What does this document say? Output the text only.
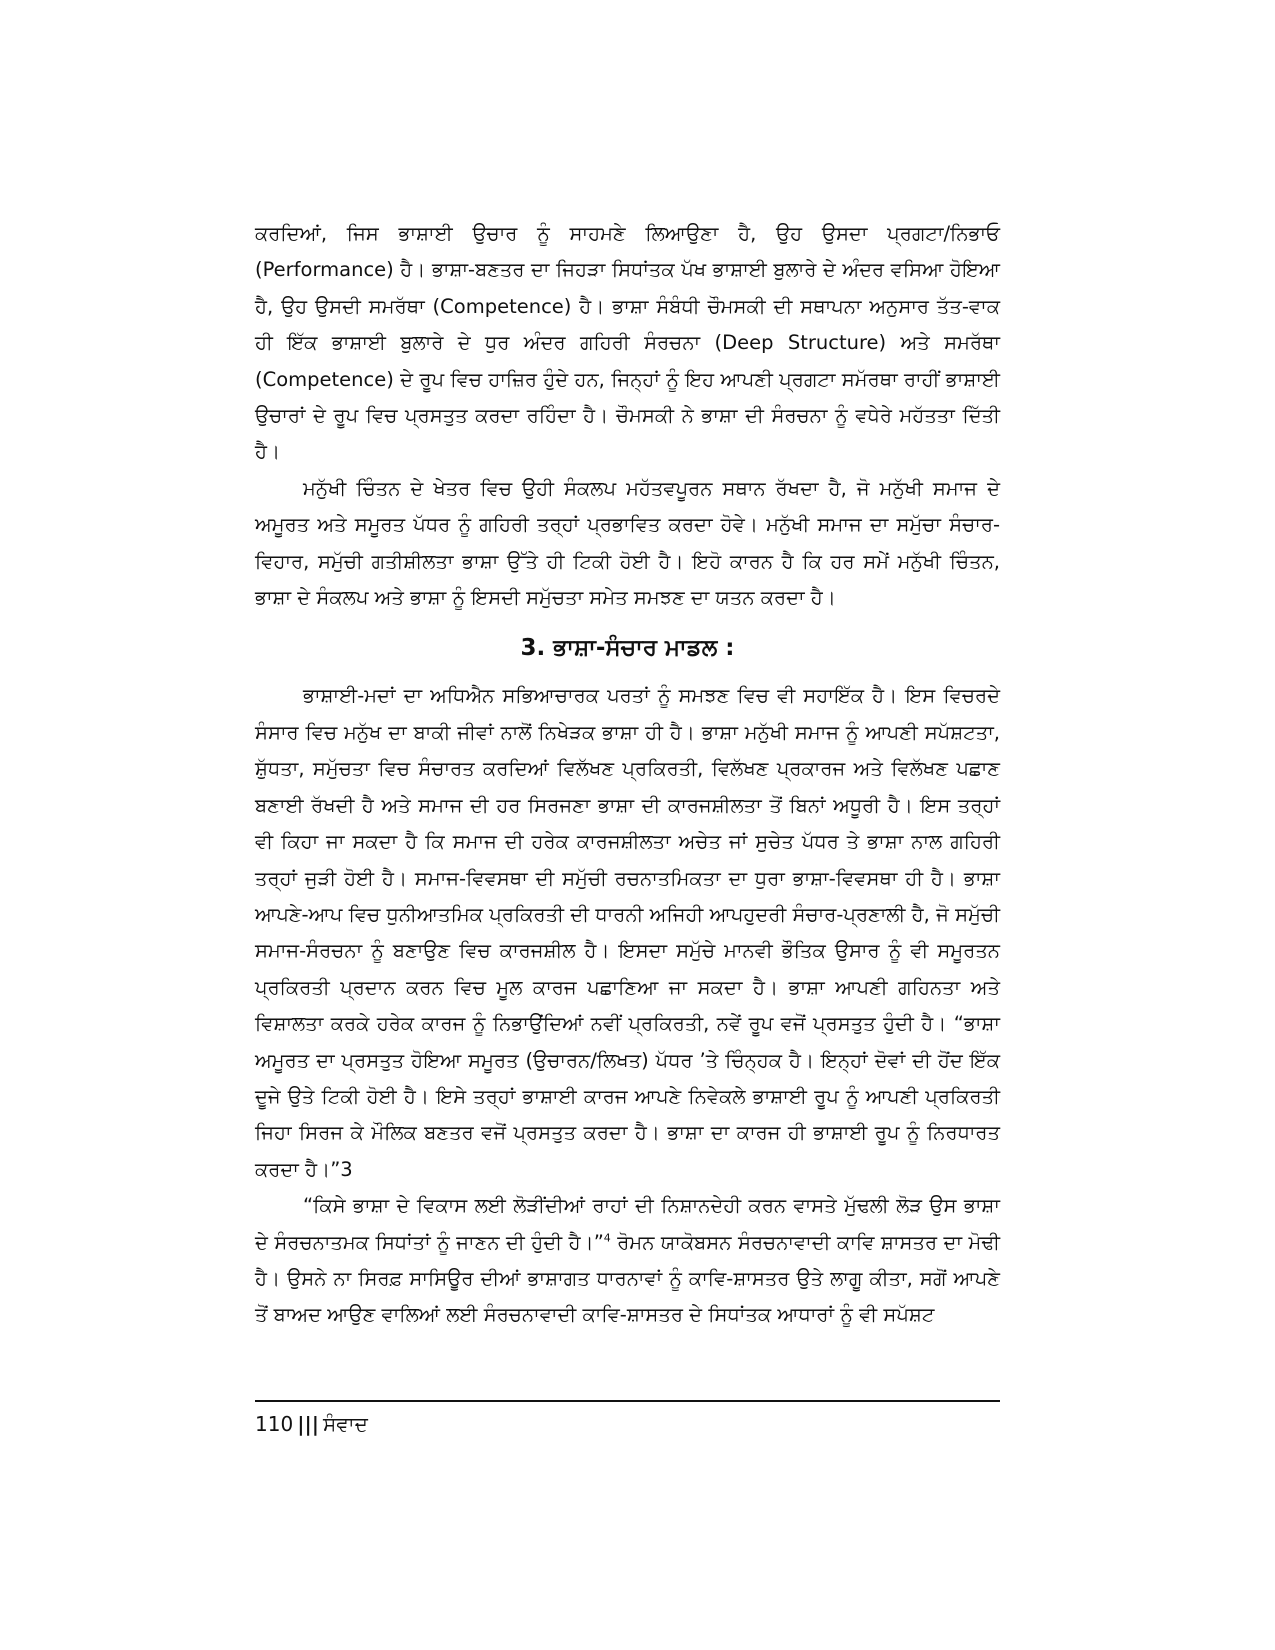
ਕਰਦਿਆਂ, ਜਿਸ ਭਾਸ਼ਾਈ ਉਚਾਰ ਨੂੰ ਸਾਹਮਣੇ ਲਿਆਉਣਾ ਹੈ, ਉਹ ਉਸਦਾ ਪ੍ਰਗਟਾ/ਨਿਭਾਓ (Performance) ਹੈ। ਭਾਸ਼ਾ-ਬਣਤਰ ਦਾ ਜਿਹੜਾ ਸਿਧਾਂਤਕ ਪੱਖ ਭਾਸ਼ਾਈ ਬੁਲਾਰੇ ਦੇ ਅੰਦਰ ਵਸਿਆ ਹੋਇਆ ਹੈ, ਉਹ ਉਸਦੀ ਸਮਰੱਥਾ (Competence) ਹੈ। ਭਾਸ਼ਾ ਸੰਬੰਧੀ ਚੌਮਸਕੀ ਦੀ ਸਥਾਪਨਾ ਅਨੁਸਾਰ ਤੱਤ-ਵਾਕ ਹੀ ਇੱਕ ਭਾਸ਼ਾਈ ਬੁਲਾਰੇ ਦੇ ਧੁਰ ਅੰਦਰ ਗਹਿਰੀ ਸੰਰਚਨਾ (Deep Structure) ਅਤੇ ਸਮਰੱਥਾ (Competence) ਦੇ ਰੂਪ ਵਿਚ ਹਾਜ਼ਿਰ ਹੁੰਦੇ ਹਨ, ਜਿਨ੍ਹਾਂ ਨੂੰ ਇਹ ਆਪਣੀ ਪ੍ਰਗਟਾ ਸਮੱਰਥਾ ਰਾਹੀਂ ਭਾਸ਼ਾਈ ਉਚਾਰਾਂ ਦੇ ਰੂਪ ਵਿਚ ਪ੍ਰਸਤੁਤ ਕਰਦਾ ਰਹਿੰਦਾ ਹੈ। ਚੌਮਸਕੀ ਨੇ ਭਾਸ਼ਾ ਦੀ ਸੰਰਚਨਾ ਨੂੰ ਵਧੇਰੇ ਮਹੱਤਤਾ ਦਿੱਤੀ ਹੈ।

ਮਨੁੱਖੀ ਚਿੰਤਨ ਦੇ ਖੇਤਰ ਵਿਚ ਉਹੀ ਸੰਕਲਪ ਮਹੱਤਵਪੂਰਨ ਸਥਾਨ ਰੱਖਦਾ ਹੈ, ਜੋ ਮਨੁੱਖੀ ਸਮਾਜ ਦੇ ਅਮੂਰਤ ਅਤੇ ਸਮੂਰਤ ਪੱਧਰ ਨੂੰ ਗਹਿਰੀ ਤਰ੍ਹਾਂ ਪ੍ਰਭਾਵਿਤ ਕਰਦਾ ਹੋਵੇ। ਮਨੁੱਖੀ ਸਮਾਜ ਦਾ ਸਮੁੱਚਾ ਸੰਚਾਰ-ਵਿਹਾਰ, ਸਮੁੱਚੀ ਗਤੀਸ਼ੀਲਤਾ ਭਾਸ਼ਾ ਉੱਤੇ ਹੀ ਟਿਕੀ ਹੋਈ ਹੈ। ਇਹੋ ਕਾਰਨ ਹੈ ਕਿ ਹਰ ਸਮੇਂ ਮਨੁੱਖੀ ਚਿੰਤਨ, ਭਾਸ਼ਾ ਦੇ ਸੰਕਲਪ ਅਤੇ ਭਾਸ਼ਾ ਨੂੰ ਇਸਦੀ ਸਮੁੱਚਤਾ ਸਮੇਤ ਸਮਝਣ ਦਾ ਯਤਨ ਕਰਦਾ ਹੈ।

3. ਭਾਸ਼ਾ-ਸੰਚਾਰ ਮਾਡਲ :

ਭਾਸ਼ਾਈ-ਮਦਾਂ ਦਾ ਅਧਿਐਨ ਸਭਿਆਚਾਰਕ ਪਰਤਾਂ ਨੂੰ ਸਮਝਣ ਵਿਚ ਵੀ ਸਹਾਇੱਕ ਹੈ। ਇਸ ਵਿਚਰਦੇ ਸੰਸਾਰ ਵਿਚ ਮਨੁੱਖ ਦਾ ਬਾਕੀ ਜੀਵਾਂ ਨਾਲੋਂ ਨਿਖੇੜਕ ਭਾਸ਼ਾ ਹੀ ਹੈ। ਭਾਸ਼ਾ ਮਨੁੱਖੀ ਸਮਾਜ ਨੂੰ ਆਪਣੀ ਸਪੱਸ਼ਟਤਾ, ਸ਼ੁੱਧਤਾ, ਸਮੁੱਚਤਾ ਵਿਚ ਸੰਚਾਰਤ ਕਰਦਿਆਂ ਵਿਲੱਖਣ ਪ੍ਰਕਿਰਤੀ, ਵਿਲੱਖਣ ਪ੍ਰਕਾਰਜ ਅਤੇ ਵਿਲੱਖਣ ਪਛਾਣ ਬਣਾਈ ਰੱਖਦੀ ਹੈ ਅਤੇ ਸਮਾਜ ਦੀ ਹਰ ਸਿਰਜਣਾ ਭਾਸ਼ਾ ਦੀ ਕਾਰਜਸ਼ੀਲਤਾ ਤੋਂ ਬਿਨਾਂ ਅਧੂਰੀ ਹੈ। ਇਸ ਤਰ੍ਹਾਂ ਵੀ ਕਿਹਾ ਜਾ ਸਕਦਾ ਹੈ ਕਿ ਸਮਾਜ ਦੀ ਹਰੇਕ ਕਾਰਜਸ਼ੀਲਤਾ ਅਚੇਤ ਜਾਂ ਸੁਚੇਤ ਪੱਧਰ ਤੇ ਭਾਸ਼ਾ ਨਾਲ ਗਹਿਰੀ ਤਰ੍ਹਾਂ ਜੁੜੀ ਹੋਈ ਹੈ। ਸਮਾਜ-ਵਿਵਸਥਾ ਦੀ ਸਮੁੱਚੀ ਰਚਨਾਤਮਿਕਤਾ ਦਾ ਧੁਰਾ ਭਾਸ਼ਾ-ਵਿਵਸਥਾ ਹੀ ਹੈ। ਭਾਸ਼ਾ ਆਪਣੇ-ਆਪ ਵਿਚ ਧੁਨੀਆਤਮਿਕ ਪ੍ਰਕਿਰਤੀ ਦੀ ਧਾਰਨੀ ਅਜਿਹੀ ਆਪਹੁਦਰੀ ਸੰਚਾਰ-ਪ੍ਰਣਾਲੀ ਹੈ, ਜੋ ਸਮੁੱਚੀ ਸਮਾਜ-ਸੰਰਚਨਾ ਨੂੰ ਬਣਾਉਣ ਵਿਚ ਕਾਰਜਸ਼ੀਲ ਹੈ। ਇਸਦਾ ਸਮੁੱਚੇ ਮਾਨਵੀ ਭੌਤਿਕ ਉਸਾਰ ਨੂੰ ਵੀ ਸਮੂਰਤਨ ਪ੍ਰਕਿਰਤੀ ਪ੍ਰਦਾਨ ਕਰਨ ਵਿਚ ਮੂਲ ਕਾਰਜ ਪਛਾਣਿਆ ਜਾ ਸਕਦਾ ਹੈ। ਭਾਸ਼ਾ ਆਪਣੀ ਗਹਿਨਤਾ ਅਤੇ ਵਿਸ਼ਾਲਤਾ ਕਰਕੇ ਹਰੇਕ ਕਾਰਜ ਨੂੰ ਨਿਭਾਉਂਦਿਆਂ ਨਵੀਂ ਪ੍ਰਕਿਰਤੀ, ਨਵੇਂ ਰੂਪ ਵਜੋਂ ਪ੍ਰਸਤੁਤ ਹੁੰਦੀ ਹੈ। “ਭਾਸ਼ਾ ਅਮੂਰਤ ਦਾ ਪ੍ਰਸਤੁਤ ਹੋਇਆ ਸਮੂਰਤ (ਉਚਾਰਨ/ਲਿਖਤ) ਪੱਧਰ ’ਤੇ ਚਿੰਨ੍ਹਕ ਹੈ। ਇਨ੍ਹਾਂ ਦੋਵਾਂ ਦੀ ਹੋਂਦ ਇੱਕ ਦੂਜੇ ਉਤੇ ਟਿਕੀ ਹੋਈ ਹੈ। ਇਸੇ ਤਰ੍ਹਾਂ ਭਾਸ਼ਾਈ ਕਾਰਜ ਆਪਣੇ ਨਿਵੇਕਲੇ ਭਾਸ਼ਾਈ ਰੂਪ ਨੂੰ ਆਪਣੀ ਪ੍ਰਕਿਰਤੀ ਜਿਹਾ ਸਿਰਜ ਕੇ ਮੌਲਿਕ ਬਣਤਰ ਵਜੋਂ ਪ੍ਰਸਤੁਤ ਕਰਦਾ ਹੈ। ਭਾਸ਼ਾ ਦਾ ਕਾਰਜ ਹੀ ਭਾਸ਼ਾਈ ਰੂਪ ਨੂੰ ਨਿਰਧਾਰਤ ਕਰਦਾ ਹੈ।”3

“ਕਿਸੇ ਭਾਸ਼ਾ ਦੇ ਵਿਕਾਸ ਲਈ ਲੋੜੀਂਦੀਆਂ ਰਾਹਾਂ ਦੀ ਨਿਸ਼ਾਨਦੇਹੀ ਕਰਨ ਵਾਸਤੇ ਮੁੱਢਲੀ ਲੋੜ ਉਸ ਭਾਸ਼ਾ ਦੇ ਸੰਰਚਨਾਤਮਕ ਸਿਧਾਂਤਾਂ ਨੂੰ ਜਾਣਨ ਦੀ ਹੁੰਦੀ ਹੈ।”$^4$ ਰੋਮਨ ਯਾਕੋਬਸਨ ਸੰਰਚਨਾਵਾਦੀ ਕਾਵਿ ਸ਼ਾਸਤਰ ਦਾ ਮੋਢੀ ਹੈ। ਉਸਨੇ ਨਾ ਸਿਰਫ਼ ਸਾਸਿਊਰ ਦੀਆਂ ਭਾਸ਼ਾਗਤ ਧਾਰਨਾਵਾਂ ਨੂੰ ਕਾਵਿ-ਸ਼ਾਸਤਰ ਉਤੇ ਲਾਗੂ ਕੀਤਾ, ਸਗੋਂ ਆਪਣੇ ਤੋਂ ਬਾਅਦ ਆਉਣ ਵਾਲਿਆਂ ਲਈ ਸੰਰਚਨਾਵਾਦੀ ਕਾਵਿ-ਸ਼ਾਸਤਰ ਦੇ ਸਿਧਾਂਤਕ ਆਧਾਰਾਂ ਨੂੰ ਵੀ ਸਪੱਸ਼ਟ

110 ||| ਸੰਵਾਦ
